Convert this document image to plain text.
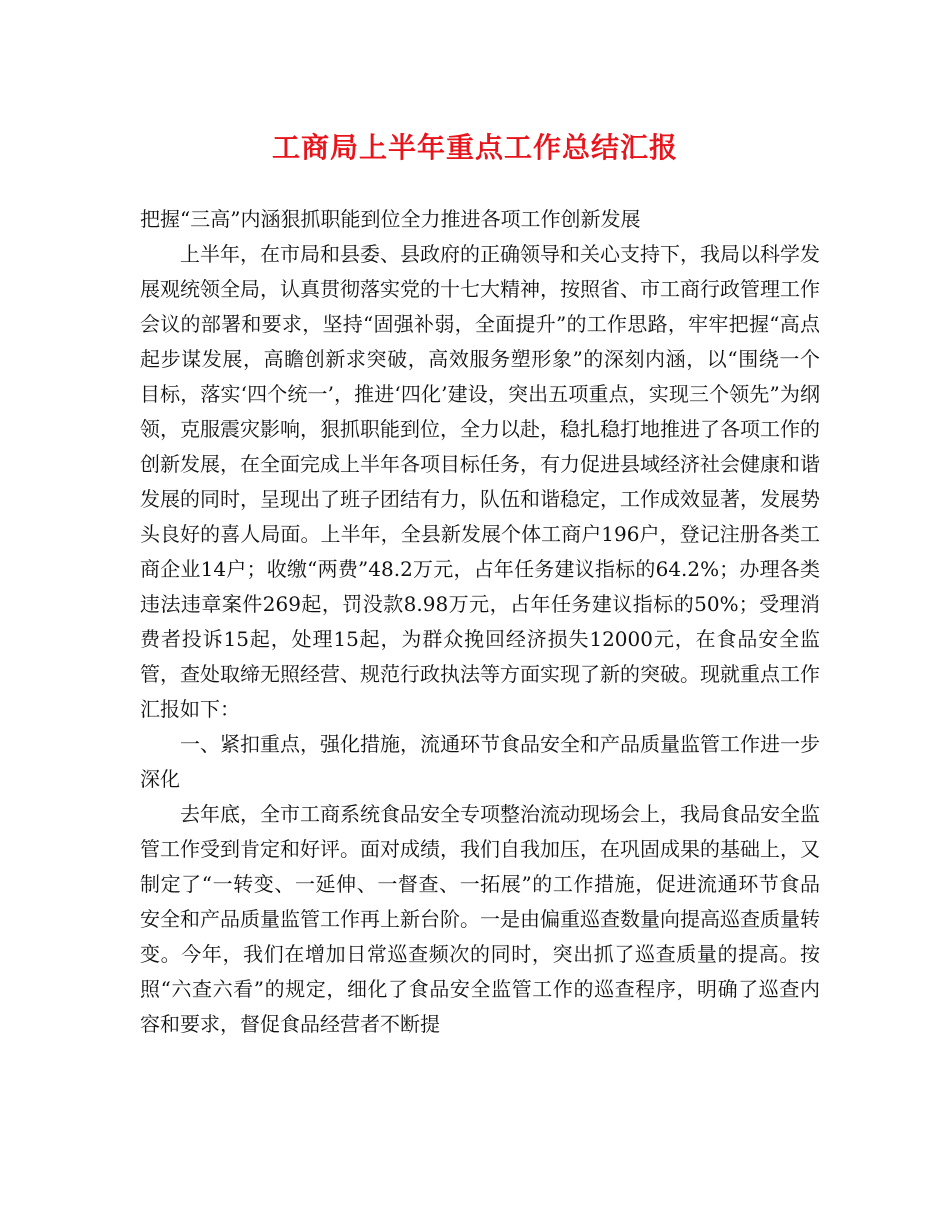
工商局上半年重点工作总结汇报

把握“三高”内涵狠抓职能到位全力推进各项工作创新发展

上半年，在市局和县委、县政府的正确领导和关心支持下，我局以科学发展观统领全局，认真贯彻落实党的十七大精神，按照省、市工商行政管理工作会议的部署和要求，坚持“固强补弱，全面提升”的工作思路，牢牢把握“高点起步谋发展，高瞻创新求突破，高效服务塑形象”的深刻内涵，以“围绕一个目标，落实‘四个统一’，推进‘四化’建设，突出五项重点，实现三个领先”为纲领，克服震灾影响，狠抓职能到位，全力以赴，稳扎稳打地推进了各项工作的创新发展，在全面完成上半年各项目标任务，有力促进县域经济社会健康和谐发展的同时，呈现出了班子团结有力，队伍和谐稳定，工作成效显著，发展势头良好的喜人局面。上半年，全县新发展个体工商户196户，登记注册各类工商企业14户；收缴“两费”48.2万元，占年任务建议指标的64.2%；办理各类违法违章案件269起，罚没款8.98万元，占年任务建议指标的50%；受理消费者投诉15起，处理15起，为群众挽回经济损失12000元，在食品安全监管，查处取缔无照经营、规范行政执法等方面实现了新的突破。现就重点工作汇报如下：

一、紧扣重点，强化措施，流通环节食品安全和产品质量监管工作进一步深化

去年底，全市工商系统食品安全专项整治流动现场会上，我局食品安全监管工作受到肯定和好评。面对成绩，我们自我加压，在巩固成果的基础上，又制定了“一转变、一延伸、一督查、一拓展”的工作措施，促进流通环节食品安全和产品质量监管工作再上新台阶。一是由偏重巡查数量向提高巡查质量转变。今年，我们在增加日常巡查频次的同时，突出抓了巡查质量的提高。按照“六查六看”的规定，细化了食品安全监管工作的巡查程序，明确了巡查内容和要求，督促食品经营者不断提
